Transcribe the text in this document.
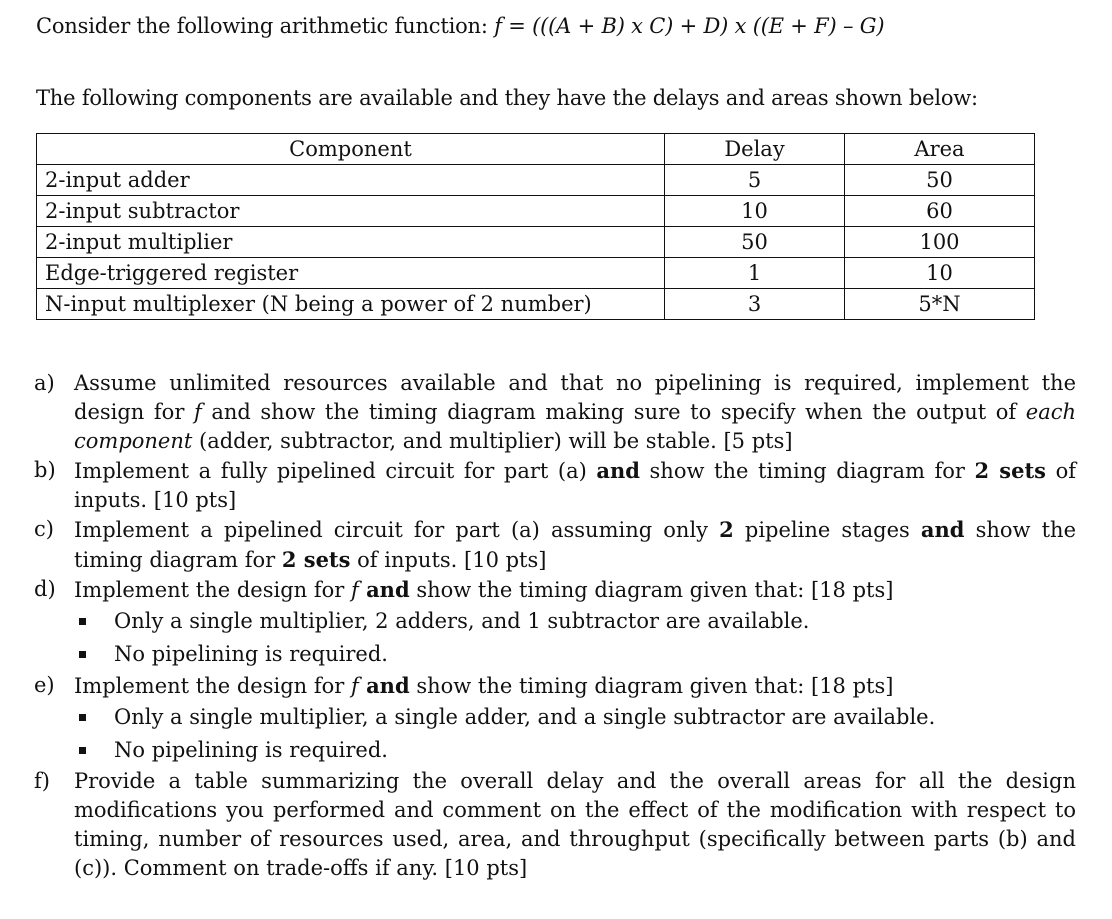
Consider the following arithmetic function: f = (((A + B) x C) + D) x ((E + F) – G)
The following components are available and they have the delays and areas shown below:
Component	Delay	Area
2-input adder	5	50
2-input subtractor	10	60
2-input multiplier	50	100
Edge-triggered register	1	10
N-input multiplexer (N being a power of 2 number)	3	5*N
a) Assume unlimited resources available and that no pipelining is required, implement the design for f and show the timing diagram making sure to specify when the output of each component (adder, subtractor, and multiplier) will be stable. [5 pts]
b) Implement a fully pipelined circuit for part (a) and show the timing diagram for 2 sets of inputs. [10 pts]
c) Implement a pipelined circuit for part (a) assuming only 2 pipeline stages and show the timing diagram for 2 sets of inputs. [10 pts]
d) Implement the design for f and show the timing diagram given that: [18 pts]
Only a single multiplier, 2 adders, and 1 subtractor are available.
No pipelining is required.
e) Implement the design for f and show the timing diagram given that: [18 pts]
Only a single multiplier, a single adder, and a single subtractor are available.
No pipelining is required.
f)	Provide a table summarizing the overall delay and the overall areas for all the design modifications you performed and comment on the effect of the modification with respect to timing, number of resources used, area, and throughput (specifically between parts (b) and (c)). Comment on trade-offs if any. [10 pts]
